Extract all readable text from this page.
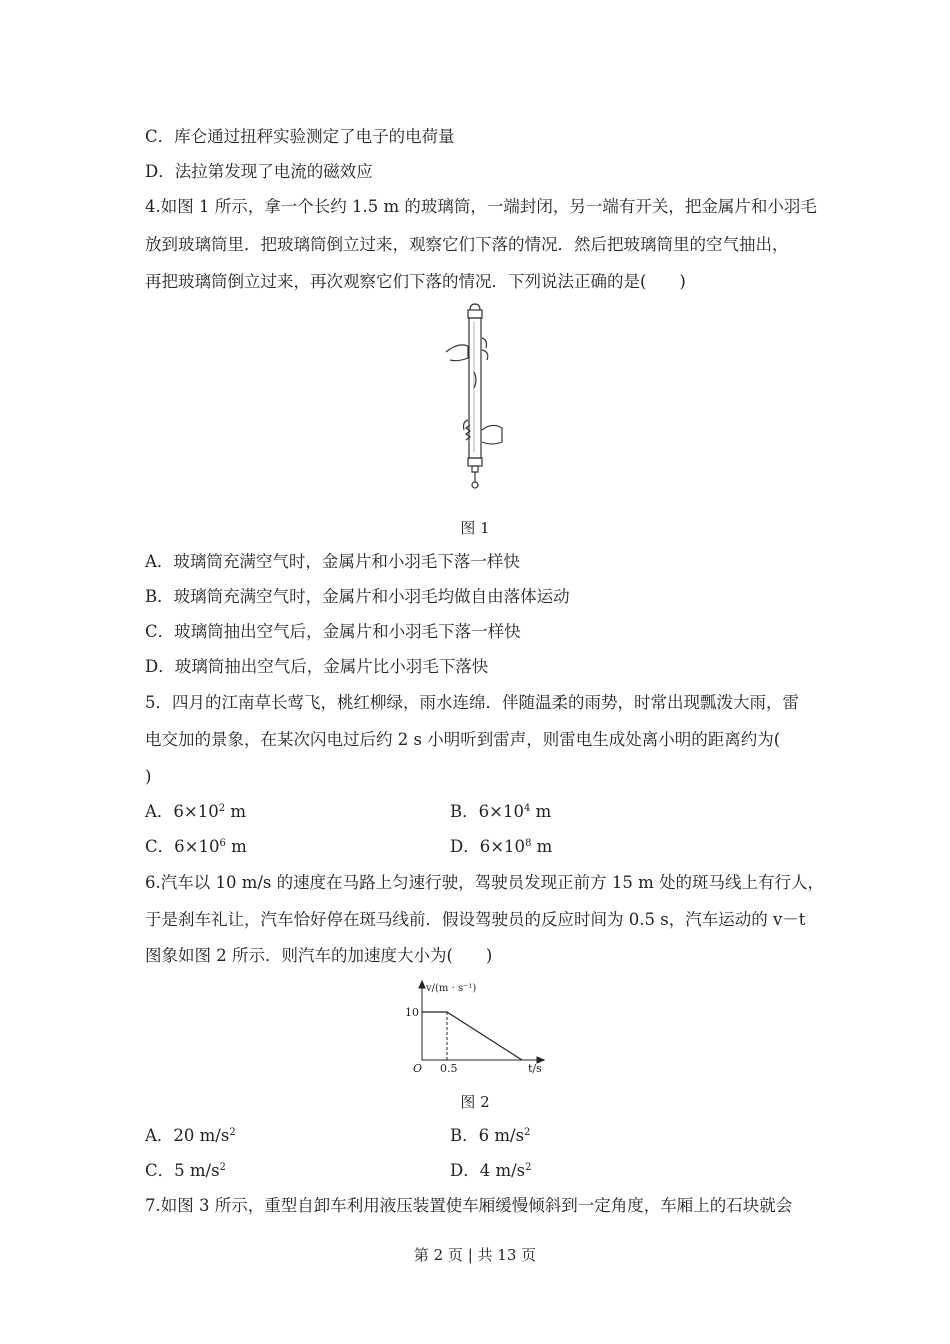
C．库仑通过扭秤实验测定了电子的电荷量
D．法拉第发现了电流的磁效应
4.如图 1 所示，拿一个长约 1.5 m 的玻璃筒，一端封闭，另一端有开关，把金属片和小羽毛
放到玻璃筒里．把玻璃筒倒立过来，观察它们下落的情况．然后把玻璃筒里的空气抽出，
再把玻璃筒倒立过来，再次观察它们下落的情况．下列说法正确的是(　　)
图 1
A．玻璃筒充满空气时，金属片和小羽毛下落一样快
B．玻璃筒充满空气时，金属片和小羽毛均做自由落体运动
C．玻璃筒抽出空气后，金属片和小羽毛下落一样快
D．玻璃筒抽出空气后，金属片比小羽毛下落快
5．四月的江南草长莺飞，桃红柳绿，雨水连绵．伴随温柔的雨势，时常出现瓢泼大雨，雷
电交加的景象，在某次闪电过后约 2 s 小明听到雷声，则雷电生成处离小明的距离约为(
)
A．$6\times 10^2$ m	B．$6\times 10^4$ m
C．$6\times 10^6$ m	D．$6\times 10^8$ m
6.汽车以 10 m/s 的速度在马路上匀速行驶，驾驶员发现正前方 15 m 处的斑马线上有行人，
于是刹车礼让，汽车恰好停在斑马线前．假设驾驶员的反应时间为 0.5 s，汽车运动的 v－t
图象如图 2 所示．则汽车的加速度大小为(　　)
v/(m · s⁻¹)
10
O 0.5	t/s
图 2
A．20 $m/s^2$	B．6 $m/s^2$
C．5 $m/s^2$	D．4 $m/s^2$
7.如图 3 所示，重型自卸车利用液压装置使车厢缓慢倾斜到一定角度，车厢上的石块就会
第 2 页 | 共 13 页
